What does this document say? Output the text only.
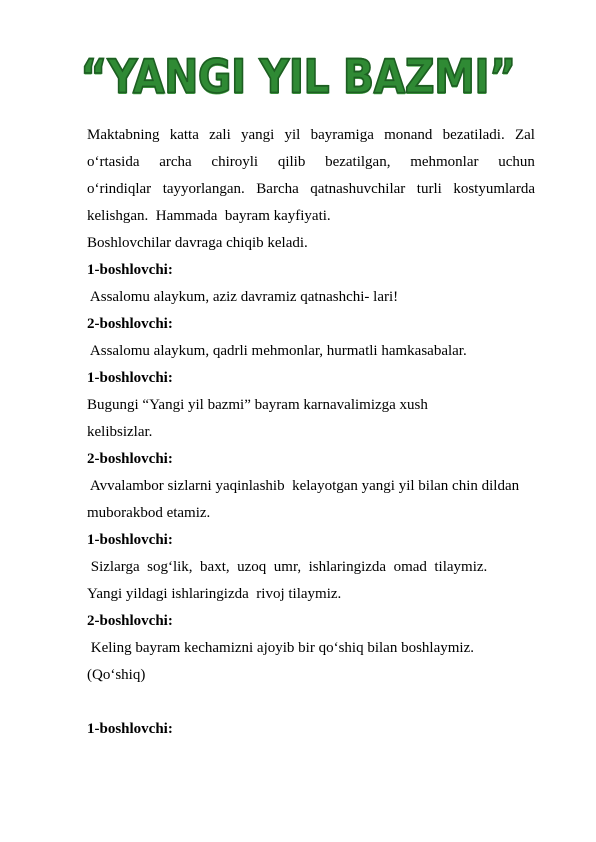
“YANGI YIL BAZMI”
Maktabning katta zali yangi yil bayramiga monand bezatiladi. Zal
o‘rtasida archa chiroyli qilib bezatilgan, mehmonlar uchun
o‘rindiqlar tayyorlangan. Barcha qatnashuvchilar turli kostyumlarda
kelishgan.  Hammada  bayram kayfiyati.
Boshlovchilar davraga chiqib keladi.
1-boshlovchi:
Assalomu alaykum, aziz davramiz qatnashchi- lari!
2-boshlovchi:
Assalomu alaykum, qadrli mehmonlar, hurmatli hamkasabalar.
1-boshlovchi:
Bugungi “Yangi yil bazmi” bayram karnavalimizga xush
kelibsizlar.
2-boshlovchi:
Avvalambor sizlarni yaqinlashib  kelayotgan yangi yil bilan chin dildan
muborakbod etamiz.
1-boshlovchi:
Sizlarga  sog‘lik,  baxt,  uzoq  umr,  ishlaringizda  omad  tilaymiz.
Yangi yildagi ishlaringizda  rivoj tilaymiz.
2-boshlovchi:
Keling bayram kechamizni ajoyib bir qo‘shiq bilan boshlaymiz.
(Qo‘shiq)
1-boshlovchi:
